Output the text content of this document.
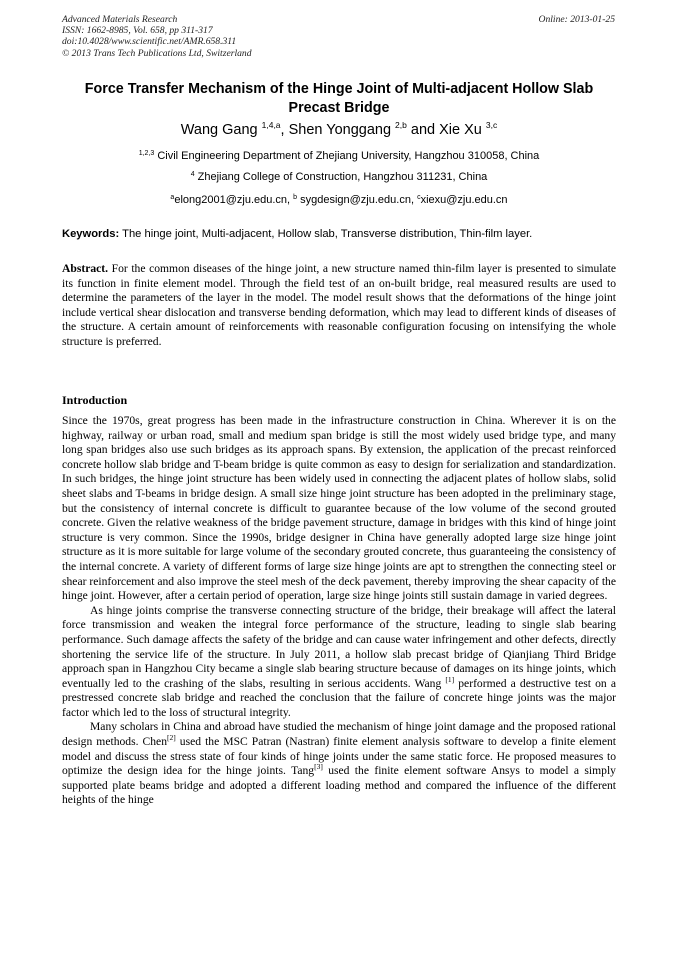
Advanced Materials Research
ISSN: 1662-8985, Vol. 658, pp 311-317
doi:10.4028/www.scientific.net/AMR.658.311
© 2013 Trans Tech Publications Ltd, Switzerland
Online: 2013-01-25
Force Transfer Mechanism of the Hinge Joint of Multi-adjacent Hollow Slab Precast Bridge
Wang Gang $^{1,4,a}$, Shen Yonggang $^{2,b}$ and Xie Xu $^{3,c}$
$^{1,2,3}$ Civil Engineering Department of Zhejiang University, Hangzhou 310058, China
$^4$ Zhejiang College of Construction, Hangzhou 311231, China
$^a$elong2001@zju.edu.cn, $^b$ sygdesign@zju.edu.cn, $^c$xiexu@zju.edu.cn
Keywords: The hinge joint, Multi-adjacent, Hollow slab, Transverse distribution, Thin-film layer.
Abstract. For the common diseases of the hinge joint, a new structure named thin-film layer is presented to simulate its function in finite element model. Through the field test of an on-built bridge, real measured results are used to determine the parameters of the layer in the model. The model result shows that the deformations of the hinge joint include vertical shear dislocation and transverse bending deformation, which may lead to different kinds of diseases of the structure. A certain amount of reinforcements with reasonable configuration focusing on intensifying the whole structure is preferred.
Introduction

Since the 1970s, great progress has been made in the infrastructure construction in China. Wherever it is on the highway, railway or urban road, small and medium span bridge is still the most widely used bridge type, and many long span bridges also use such bridges as its approach spans. By extension, the application of the precast reinforced concrete hollow slab bridge and T-beam bridge is quite common as easy to design for serialization and standardization. In such bridges, the hinge joint structure has been widely used in connecting the adjacent plates of hollow slabs, solid sheet slabs and T-beams in bridge design. A small size hinge joint structure has been adopted in the preliminary stage, but the consistency of internal concrete is difficult to guarantee because of the low volume of the second grouted concrete. Given the relative weakness of the bridge pavement structure, damage in bridges with this kind of hinge joint structure is very common. Since the 1990s, bridge designer in China have generally adopted large size hinge joint structure as it is more suitable for large volume of the secondary grouted concrete, thus guaranteeing the consistency of the internal concrete. A variety of different forms of large size hinge joints are apt to strengthen the connecting steel or shear reinforcement and also improve the steel mesh of the deck pavement, thereby improving the shear capacity of the hinge joint. However, after a certain period of operation, large size hinge joints still sustain damage in varied degrees.

As hinge joints comprise the transverse connecting structure of the bridge, their breakage will affect the lateral force transmission and weaken the integral force performance of the structure, leading to single slab bearing performance. Such damage affects the safety of the bridge and can cause water infringement and other defects, directly shortening the service life of the structure. In July 2011, a hollow slab precast bridge of Qianjiang Third Bridge approach span in Hangzhou City became a single slab bearing structure because of damages on its hinge joints, which eventually led to the crashing of the slabs, resulting in serious accidents. Wang [1] performed a destructive test on a prestressed concrete slab bridge and reached the conclusion that the failure of concrete hinge joints was the major factor which led to the loss of structural integrity.

Many scholars in China and abroad have studied the mechanism of hinge joint damage and the proposed rational design methods. Chen[2] used the MSC Patran (Nastran) finite element analysis software to develop a finite element model and discuss the stress state of four kinds of hinge joints under the same static force. He proposed measures to optimize the design idea for the hinge joints. Tang[3] used the finite element software Ansys to model a simply supported plate beams bridge and adopted a different loading method and compared the influence of the different heights of the hinge
